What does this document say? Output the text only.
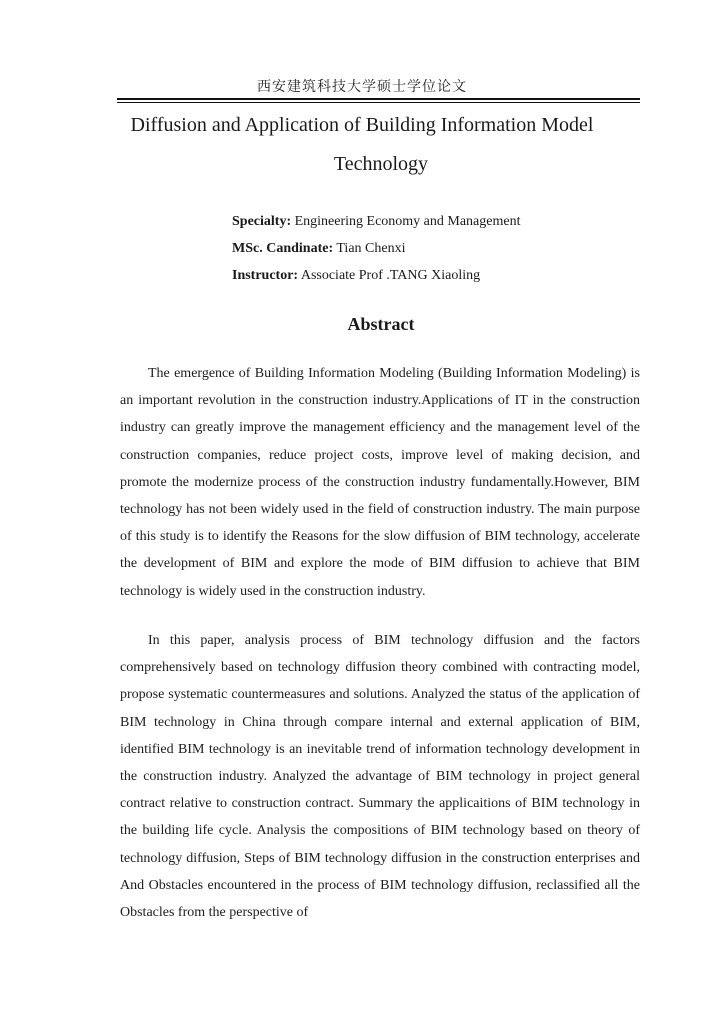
西安建筑科技大学硕士学位论文
Diffusion and Application of Building Information Model
Technology
Specialty: Engineering Economy and Management
MSc. Candinate: Tian Chenxi
Instructor: Associate Prof .TANG Xiaoling
Abstract

The emergence of Building Information Modeling (Building Information Modeling) is an important revolution in the construction industry.Applications of IT in the construction industry can greatly improve the management efficiency and the management level of the construction companies, reduce project costs, improve level of making decision, and promote the modernize process of the construction industry fundamentally.However, BIM technology has not been widely used in the field of construction industry. The main purpose of this study is to identify the Reasons for the slow diffusion of BIM technology, accelerate the development of BIM and explore the mode of BIM diffusion to achieve that BIM technology is widely used in the construction industry.

In this paper, analysis process of BIM technology diffusion and the factors comprehensively based on technology diffusion theory combined with contracting model, propose systematic countermeasures and solutions. Analyzed the status of the application of BIM technology in China through compare internal and external application of BIM, identified BIM technology is an inevitable trend of information technology development in the construction industry. Analyzed the advantage of BIM technology in project general contract relative to construction contract. Summary the applicaitions of BIM technology in the building life cycle. Analysis the compositions of BIM technology based on theory of technology diffusion, Steps of BIM technology diffusion in the construction enterprises and And Obstacles encountered in the process of BIM technology diffusion, reclassified all the Obstacles from the perspective of
